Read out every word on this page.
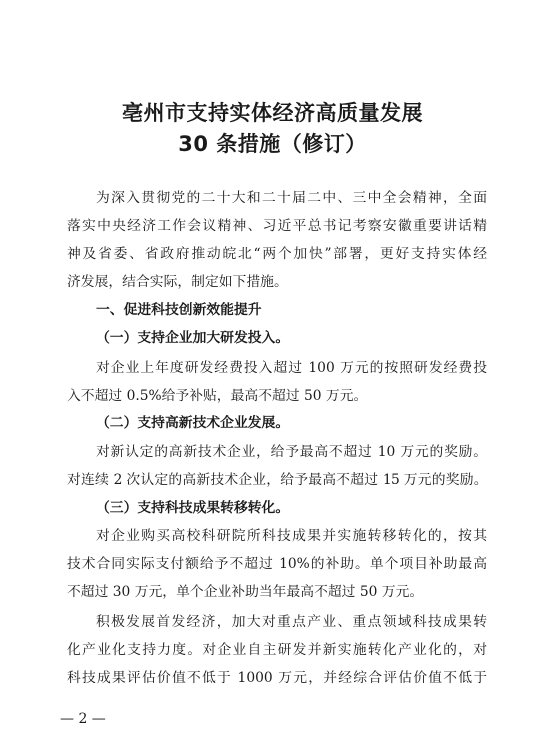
亳州市支持实体经济高质量发展
30 条措施（修订）
为深入贯彻党的二十大和二十届二中、三中全会精神，全面
落实中央经济工作会议精神、习近平总书记考察安徽重要讲话精
神及省委、省政府推动皖北“两个加快”部署，更好支持实体经
济发展，结合实际，制定如下措施。
一、促进科技创新效能提升
（一）支持企业加大研发投入。
对企业上年度研发经费投入超过 100 万元的按照研发经费投
入不超过 0.5%给予补贴，最高不超过 50 万元。
（二）支持高新技术企业发展。
对新认定的高新技术企业，给予最高不超过 10 万元的奖励。
对连续 2 次认定的高新技术企业，给予最高不超过 15 万元的奖励。
（三）支持科技成果转移转化。
对企业购买高校科研院所科技成果并实施转移转化的，按其
技术合同实际支付额给予不超过 10%的补助。单个项目补助最高
不超过 30 万元，单个企业补助当年最高不超过 50 万元。
积极发展首发经济，加大对重点产业、重点领域科技成果转
化产业化支持力度。对企业自主研发并新实施转化产业化的，对
科技成果评估价值不低于 1000 万元，并经综合评估价值不低于
— 2 —
